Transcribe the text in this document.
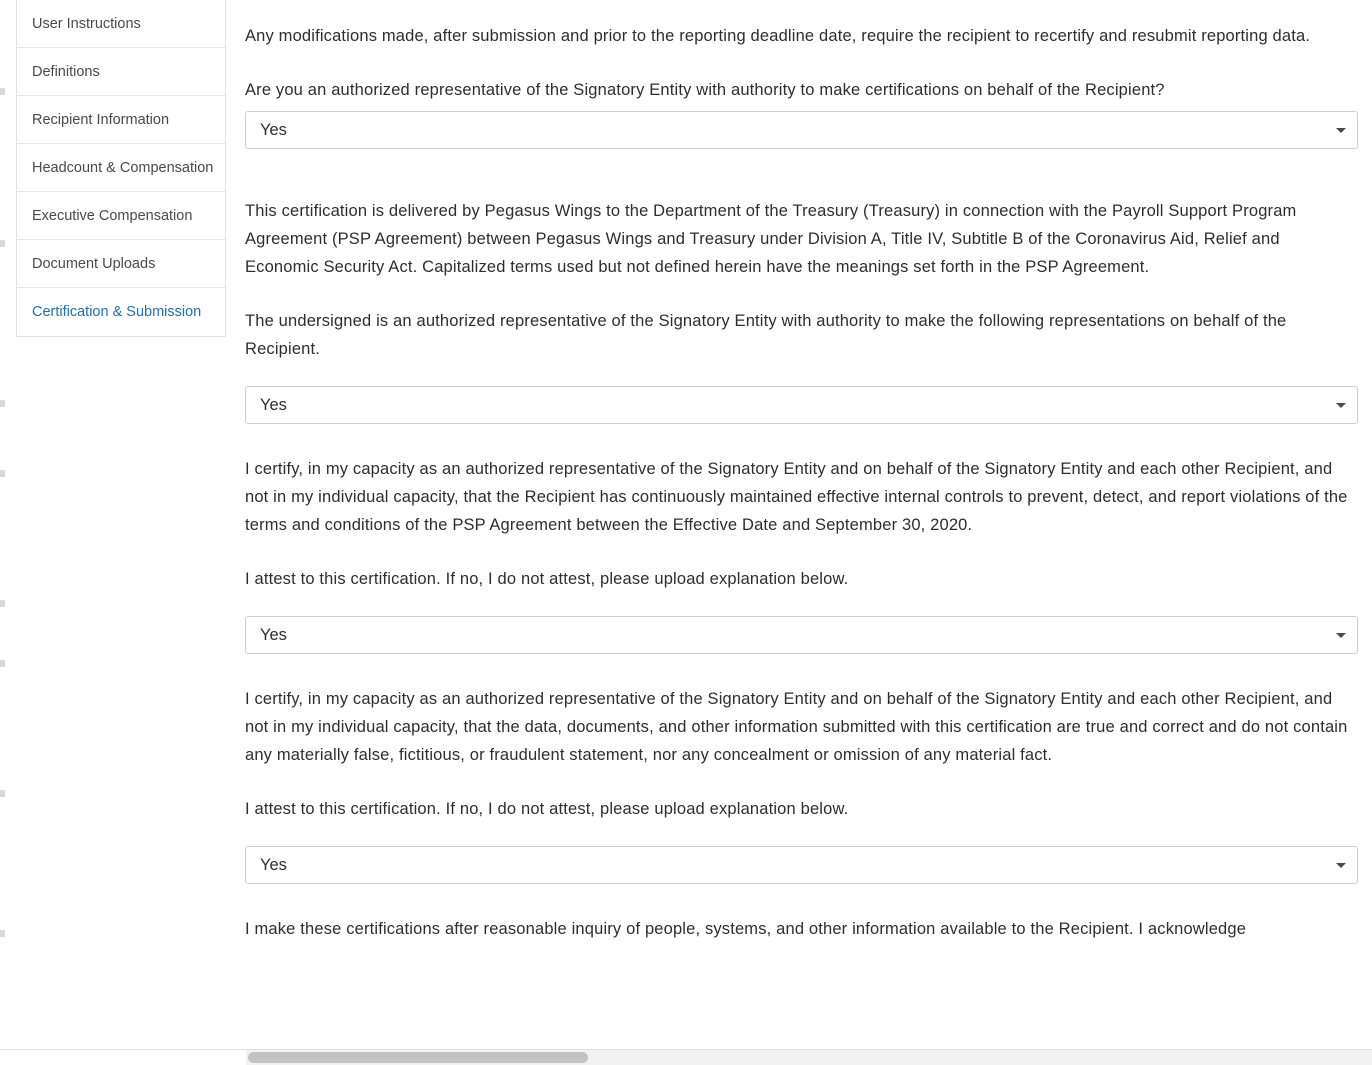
User Instructions
Definitions
Recipient Information
Headcount & Compensation
Executive Compensation
Document Uploads
Certification & Submission

Any modifications made, after submission and prior to the reporting deadline date, require the recipient to recertify and resubmit reporting data.

Are you an authorized representative of the Signatory Entity with authority to make certifications on behalf of the Recipient?

Yes

This certification is delivered by Pegasus Wings to the Department of the Treasury (Treasury) in connection with the Payroll Support Program Agreement (PSP Agreement) between Pegasus Wings and Treasury under Division A, Title IV, Subtitle B of the Coronavirus Aid, Relief and Economic Security Act. Capitalized terms used but not defined herein have the meanings set forth in the PSP Agreement.

The undersigned is an authorized representative of the Signatory Entity with authority to make the following representations on behalf of the Recipient.

Yes

I certify, in my capacity as an authorized representative of the Signatory Entity and on behalf of the Signatory Entity and each other Recipient, and not in my individual capacity, that the Recipient has continuously maintained effective internal controls to prevent, detect, and report violations of the terms and conditions of the PSP Agreement between the Effective Date and September 30, 2020.

I attest to this certification. If no, I do not attest, please upload explanation below.

Yes

I certify, in my capacity as an authorized representative of the Signatory Entity and on behalf of the Signatory Entity and each other Recipient, and not in my individual capacity, that the data, documents, and other information submitted with this certification are true and correct and do not contain any materially false, fictitious, or fraudulent statement, nor any concealment or omission of any material fact.

I attest to this certification. If no, I do not attest, please upload explanation below.

Yes

I make these certifications after reasonable inquiry of people, systems, and other information available to the Recipient. I acknowledge
